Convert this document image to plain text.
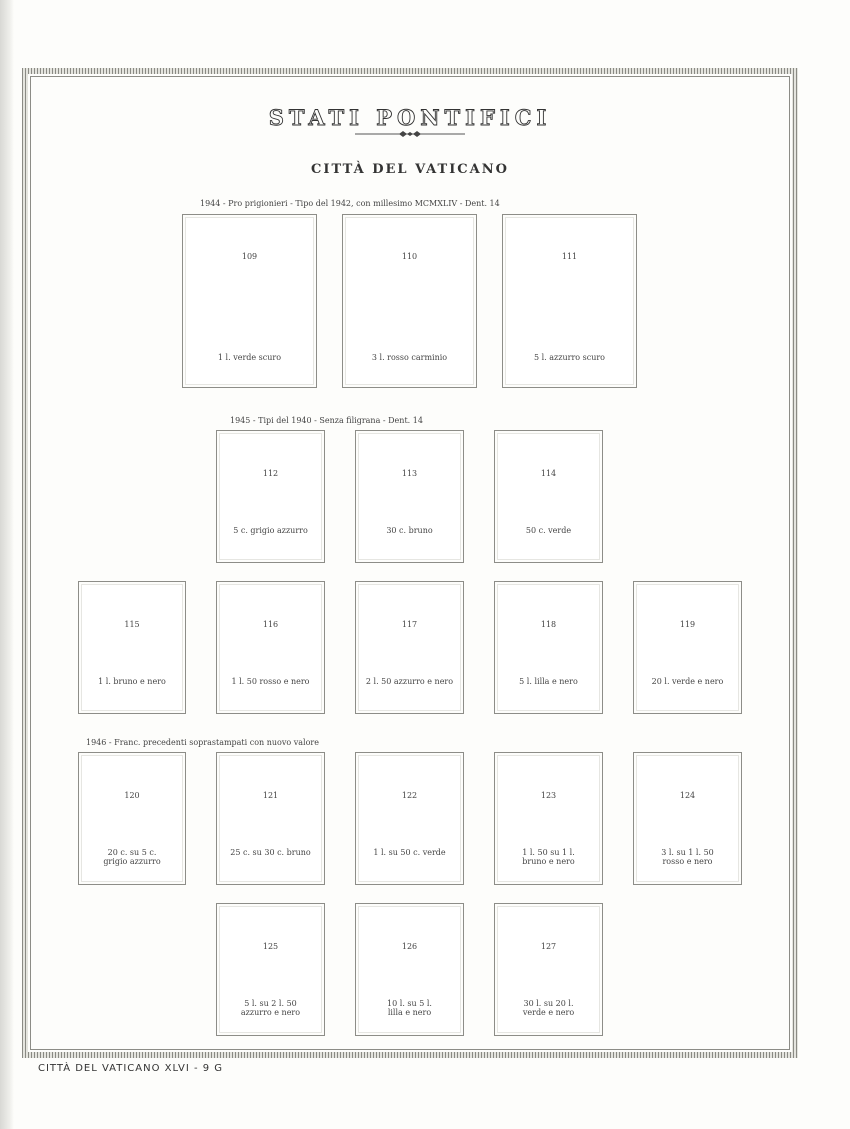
STATI PONTIFICI
CITTÀ DEL VATICANO
1944 - Pro prigionieri - Tipo del 1942, con millesimo MCMXLIV - Dent. 14
109
1 l. verde scuro
110
3 l. rosso carminio
111
5 l. azzurro scuro
1945 - Tipi del 1940 - Senza filigrana - Dent. 14
112
5 c. grigio azzurro
113
30 c. bruno
114
50 c. verde
115
1 l. bruno e nero
116
1 l. 50 rosso e nero
117
2 l. 50 azzurro e nero
118
5 l. lilla e nero
119
20 l. verde e nero
1946 - Franc. precedenti soprastampati con nuovo valore
120
20 c. su 5 c.
grigio azzurro
121
25 c. su 30 c. bruno
122
1 l. su 50 c. verde
123
1 l. 50 su 1 l.
bruno e nero
124
3 l. su 1 l. 50
rosso e nero
125
5 l. su 2 l. 50
azzurro e nero
126
10 l. su 5 l.
lilla e nero
127
30 l. su 20 l.
verde e nero
CITTÀ DEL VATICANO XLVI - 9 G
